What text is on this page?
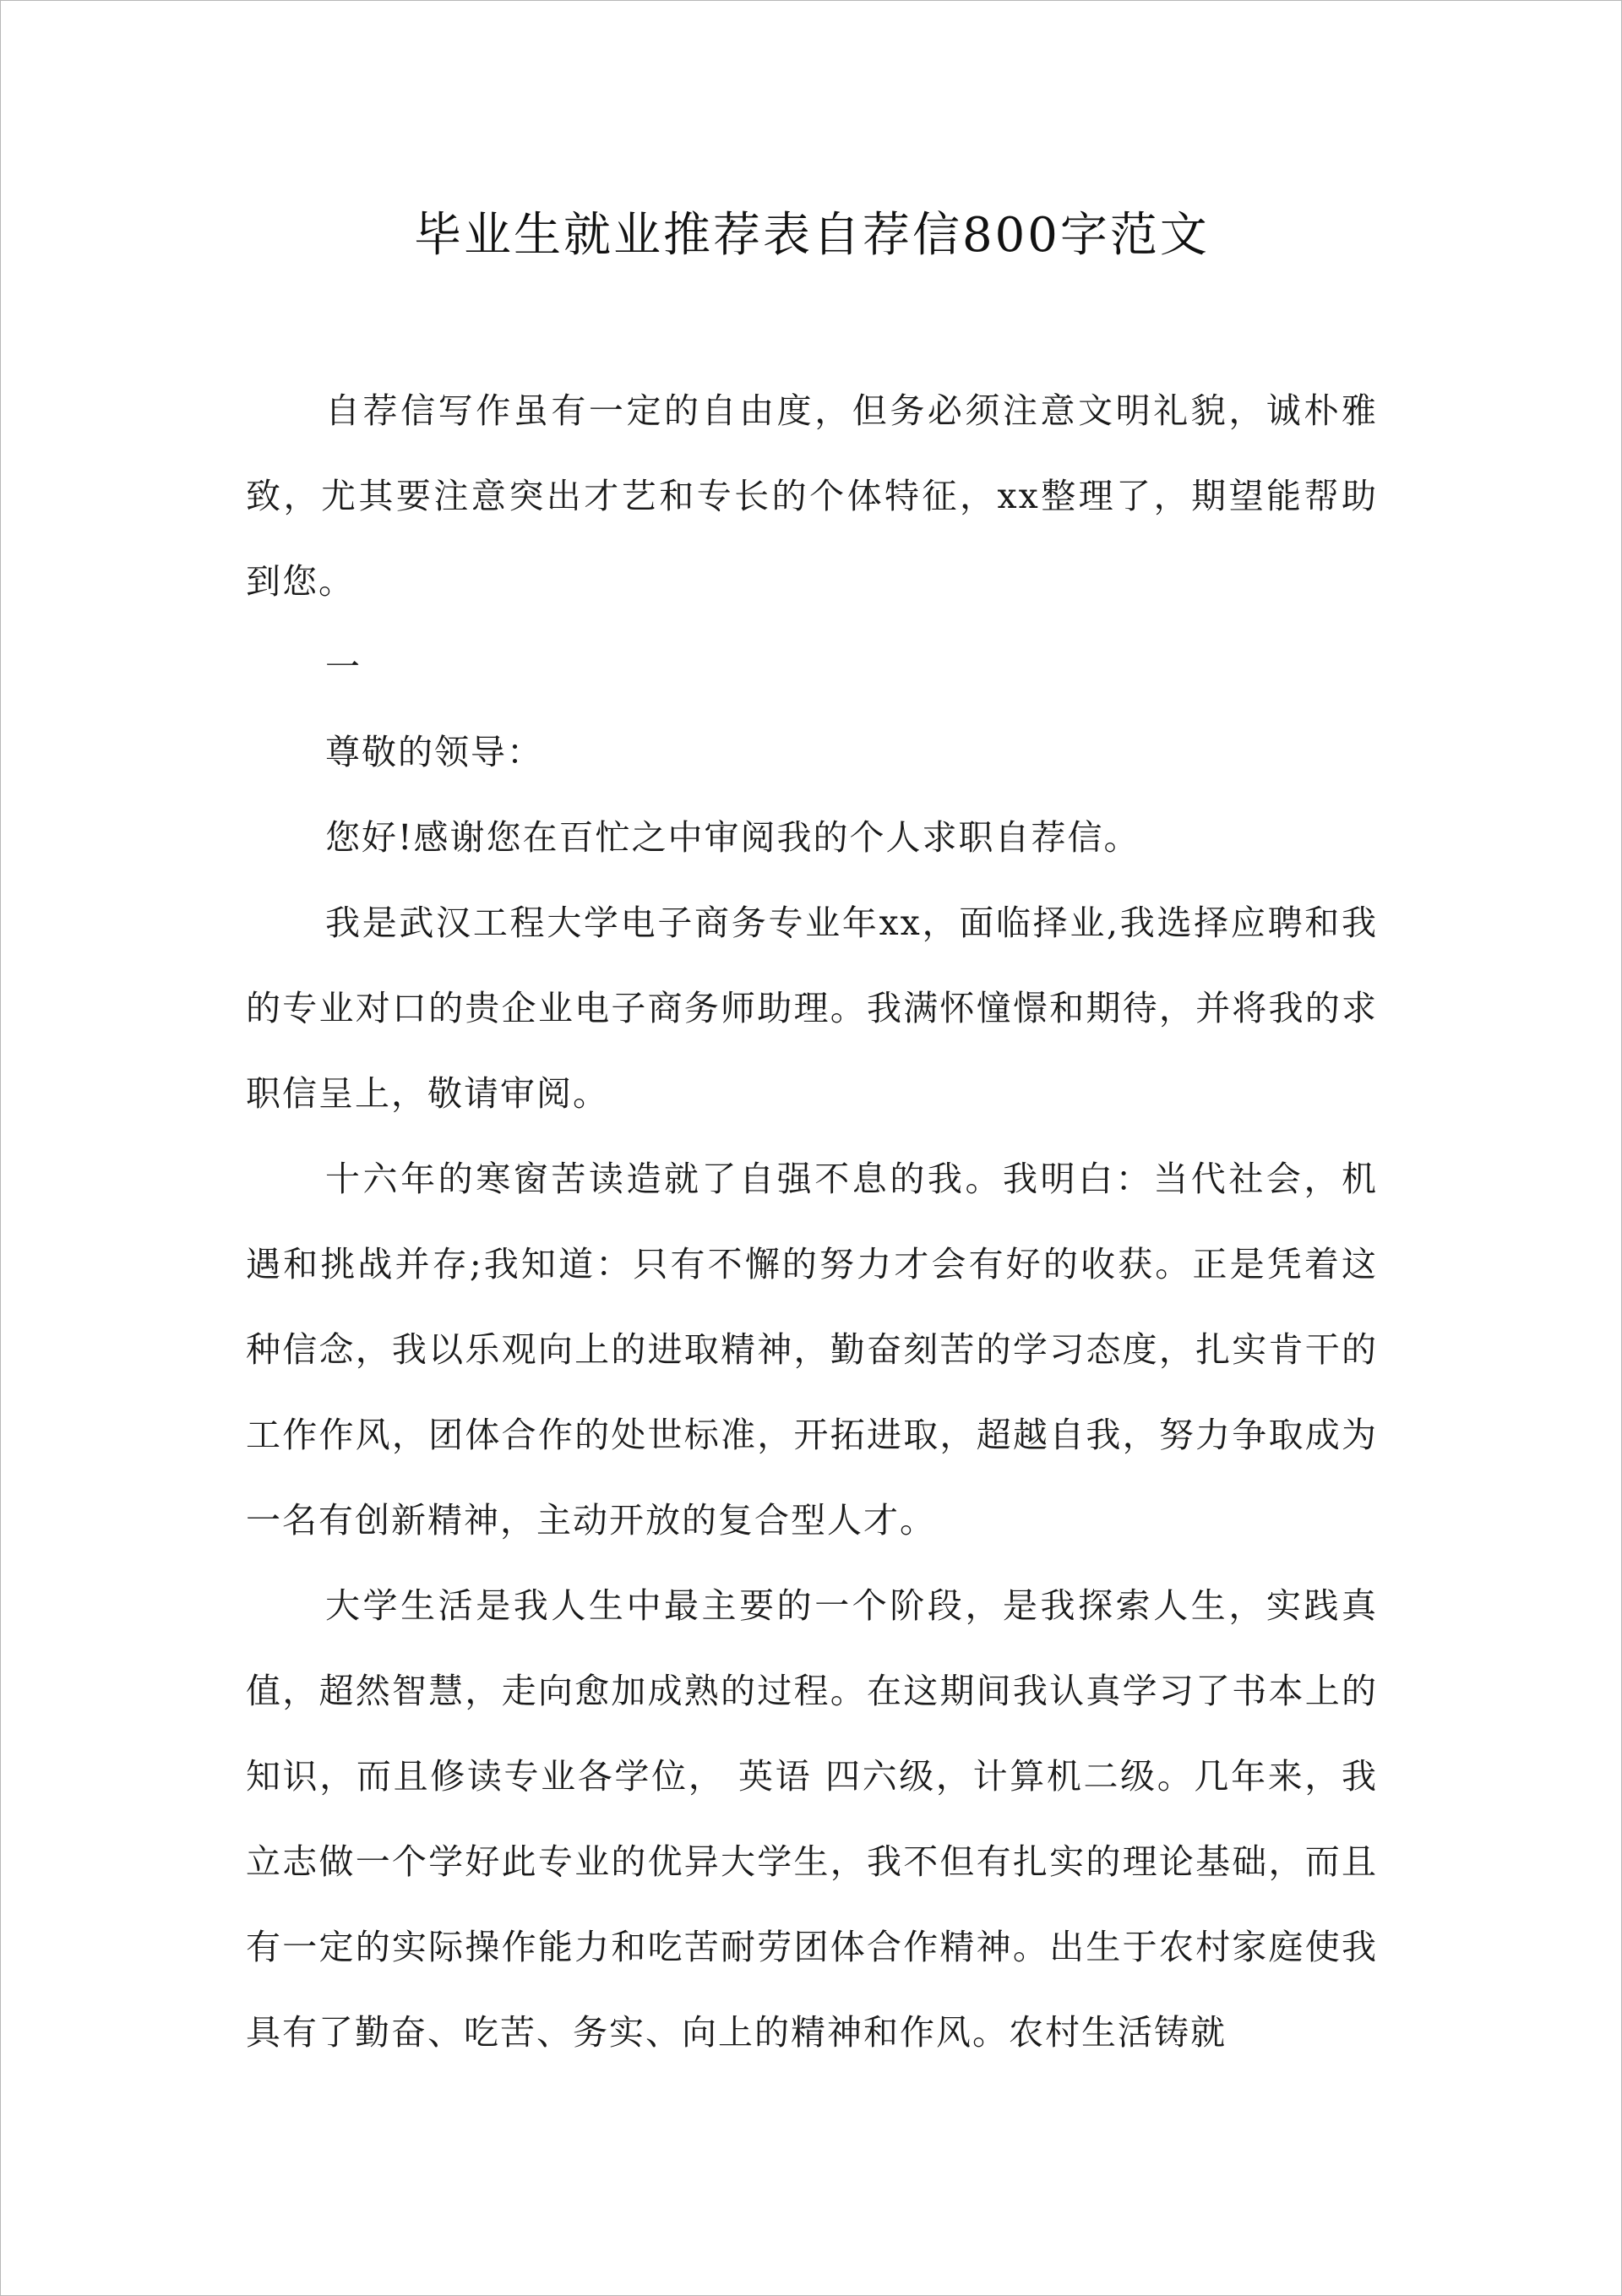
毕业生就业推荐表自荐信800字范文

自荐信写作虽有一定的自由度，但务必须注意文明礼貌，诚朴雅致，尤其要注意突出才艺和专长的个体特征，xx整理了，期望能帮助到您。

一

尊敬的领导：

您好!感谢您在百忙之中审阅我的个人求职自荐信。

我是武汉工程大学电子商务专业年xx，面临择业,我选择应聘和我的专业对口的贵企业电子商务师助理。我满怀憧憬和期待，并将我的求职信呈上，敬请审阅。

十六年的寒窗苦读造就了自强不息的我。我明白：当代社会，机遇和挑战并存;我知道：只有不懈的努力才会有好的收获。正是凭着这种信念，我以乐观向上的进取精神，勤奋刻苦的学习态度，扎实肯干的工作作风，团体合作的处世标准，开拓进取，超越自我，努力争取成为一名有创新精神，主动开放的复合型人才。

大学生活是我人生中最主要的一个阶段，是我探索人生，实践真值，超然智慧，走向愈加成熟的过程。在这期间我认真学习了书本上的知识，而且修读专业各学位， 英语 四六级，计算机二级。几年来，我立志做一个学好此专业的优异大学生，我不但有扎实的理论基础，而且有一定的实际操作能力和吃苦耐劳团体合作精神。出生于农村家庭使我具有了勤奋、吃苦、务实、向上的精神和作风。农村生活铸就
